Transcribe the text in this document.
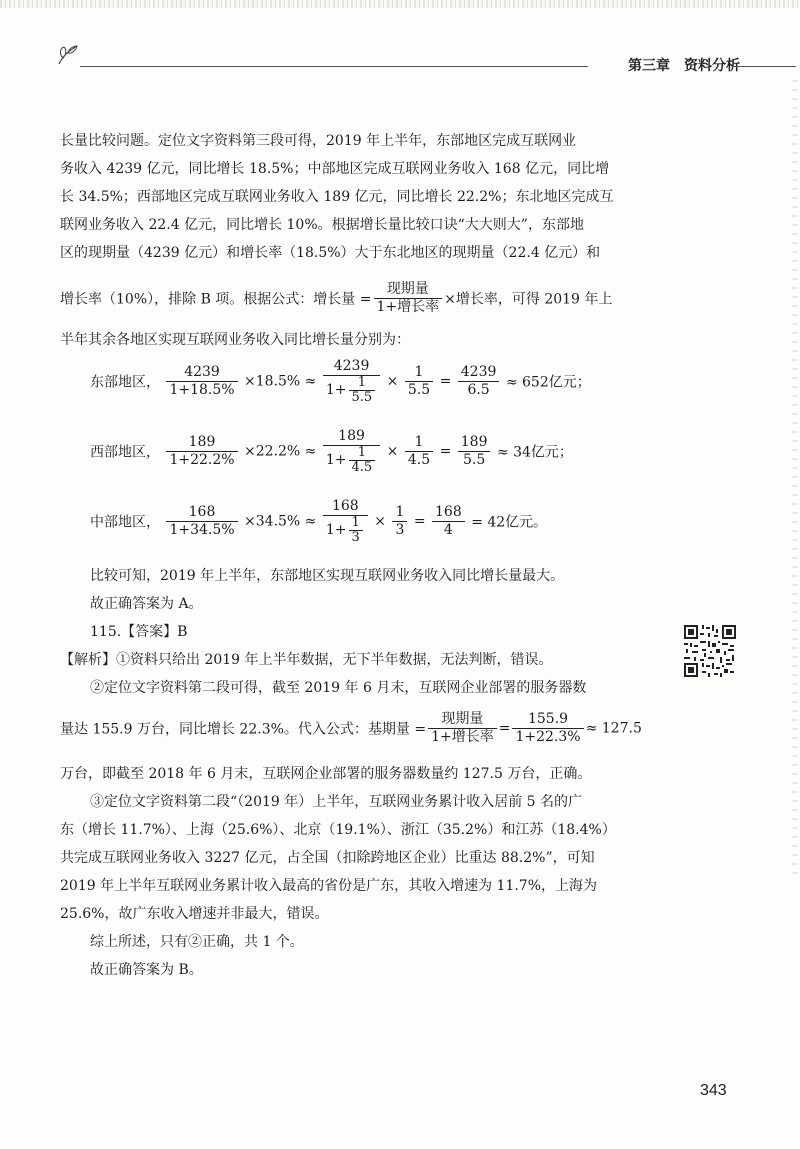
第三章 资料分析
长量比较问题。定位文字资料第三段可得，2019 年上半年，东部地区完成互联网业
务收入 4239 亿元，同比增长 18.5%；中部地区完成互联网业务收入 168 亿元，同比增
长 34.5%；西部地区完成互联网业务收入 189 亿元，同比增长 22.2%；东北地区完成互
联网业务收入 22.4 亿元，同比增长 10%。根据增长量比较口诀“大大则大”，东部地
区的现期量（4239 亿元）和增长率（18.5%）大于东北地区的现期量（22.4 亿元）和
增长率（10%），排除 B 项。根据公式：增长量 = $\frac{\text{现期量}}{\text{1+增长率}}$ ×增长率，可得 2019 年上
半年其余各地区实现互联网业务收入同比增长量分别为：
东部地区， $\frac{4239}{1+18.5\%} \times 18.5\% \approx \frac{4239}{1+ \frac{1}{5.5}} \times \frac{1}{5.5} = \frac{4239}{6.5} \approx 652$亿元；
西部地区， $\frac{189}{1+22.2\%} \times 22.2\% \approx \frac{189}{1+ \frac{1}{4.5}} \times \frac{1}{4.5} = \frac{189}{5.5} \approx 34$亿元；
中部地区， $\frac{168}{1+34.5\%} \times 34.5\% \approx \frac{168}{1+ \frac{1}{3}} \times \frac{1}{3} = \frac{168}{4} = 42$亿元。
比较可知，2019 年上半年，东部地区实现互联网业务收入同比增长量最大。
故正确答案为 A。
115.【答案】B
【解析】①资料只给出 2019 年上半年数据，无下半年数据，无法判断，错误。
②定位文字资料第二段可得，截至 2019 年 6 月末，互联网企业部署的服务器数
量达 155.9 万台，同比增长 22.3%。代入公式：基期量 = $\frac{\text{现期量}}{\text{1+增长率}} = \frac{155.9}{1+22.3\%} \approx 127.5$
万台，即截至 2018 年 6 月末，互联网企业部署的服务器数量约 127.5 万台，正确。
③定位文字资料第二段“（2019 年）上半年，互联网业务累计收入居前 5 名的广
东（增长 11.7%）、上海（25.6%）、北京（19.1%）、浙江（35.2%）和江苏（18.4%）
共完成互联网业务收入 3227 亿元，占全国（扣除跨地区企业）比重达 88.2%”，可知
2019 年上半年互联网业务累计收入最高的省份是广东，其收入增速为 11.7%，上海为
25.6%，故广东收入增速并非最大，错误。
综上所述，只有②正确，共 1 个。
故正确答案为 B。
343
